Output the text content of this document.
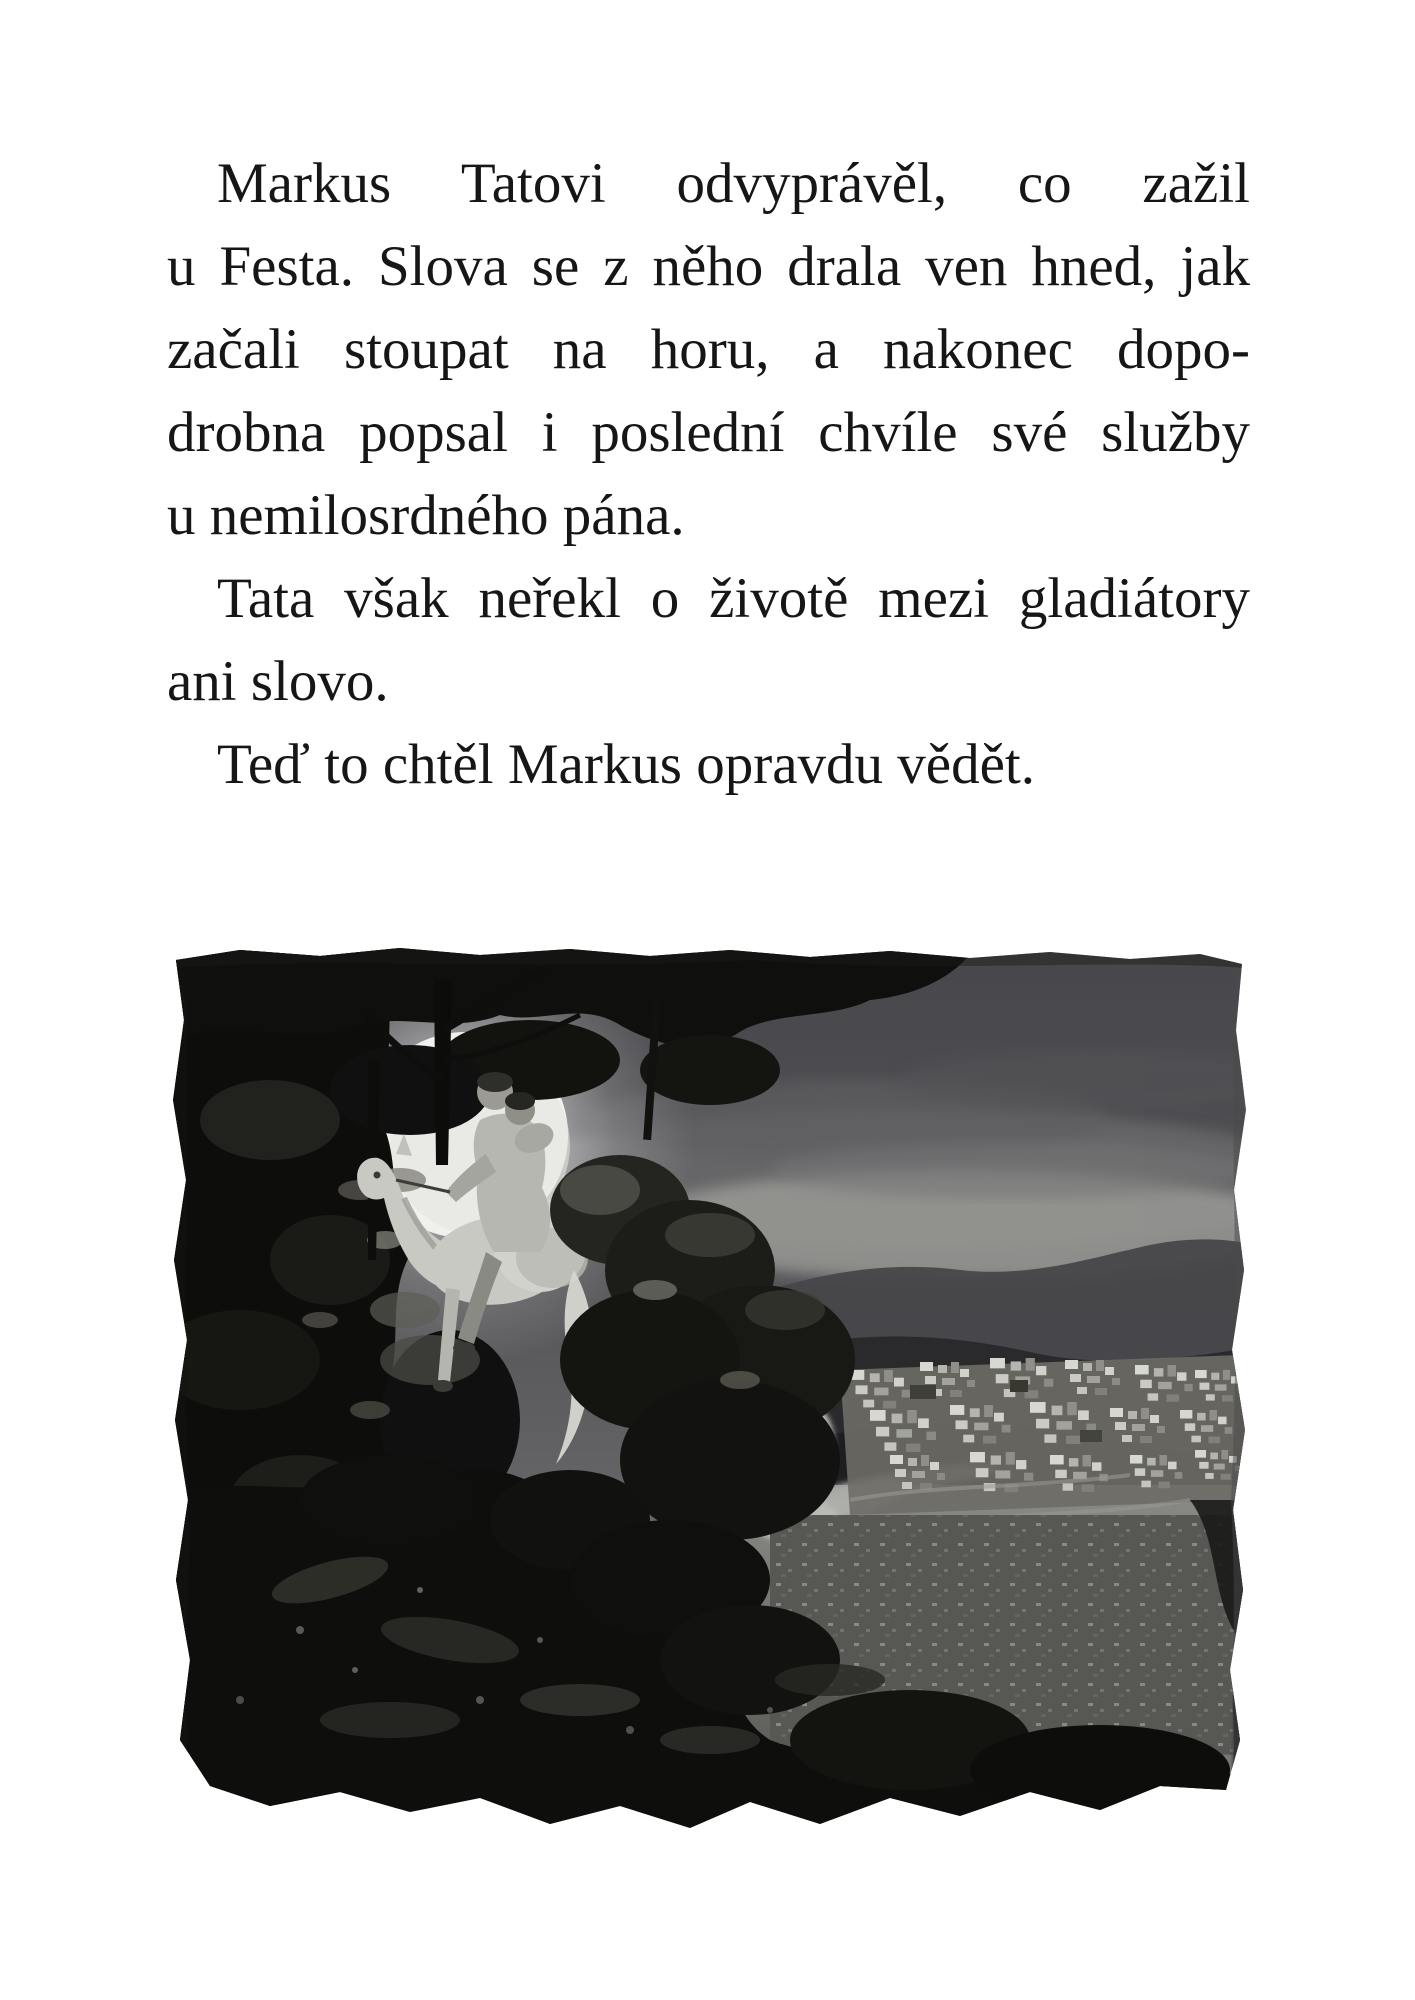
Markus Tatovi odvyprávěl, co zažil
u Festa. Slova se z něho drala ven hned, jak
začali stoupat na horu, a nakonec dopo-
drobna popsal i poslední chvíle své služby
u nemilosrdného pána.

Tata však neřekl o životě mezi gladiátory
ani slovo.

Teď to chtěl Markus opravdu vědět.
